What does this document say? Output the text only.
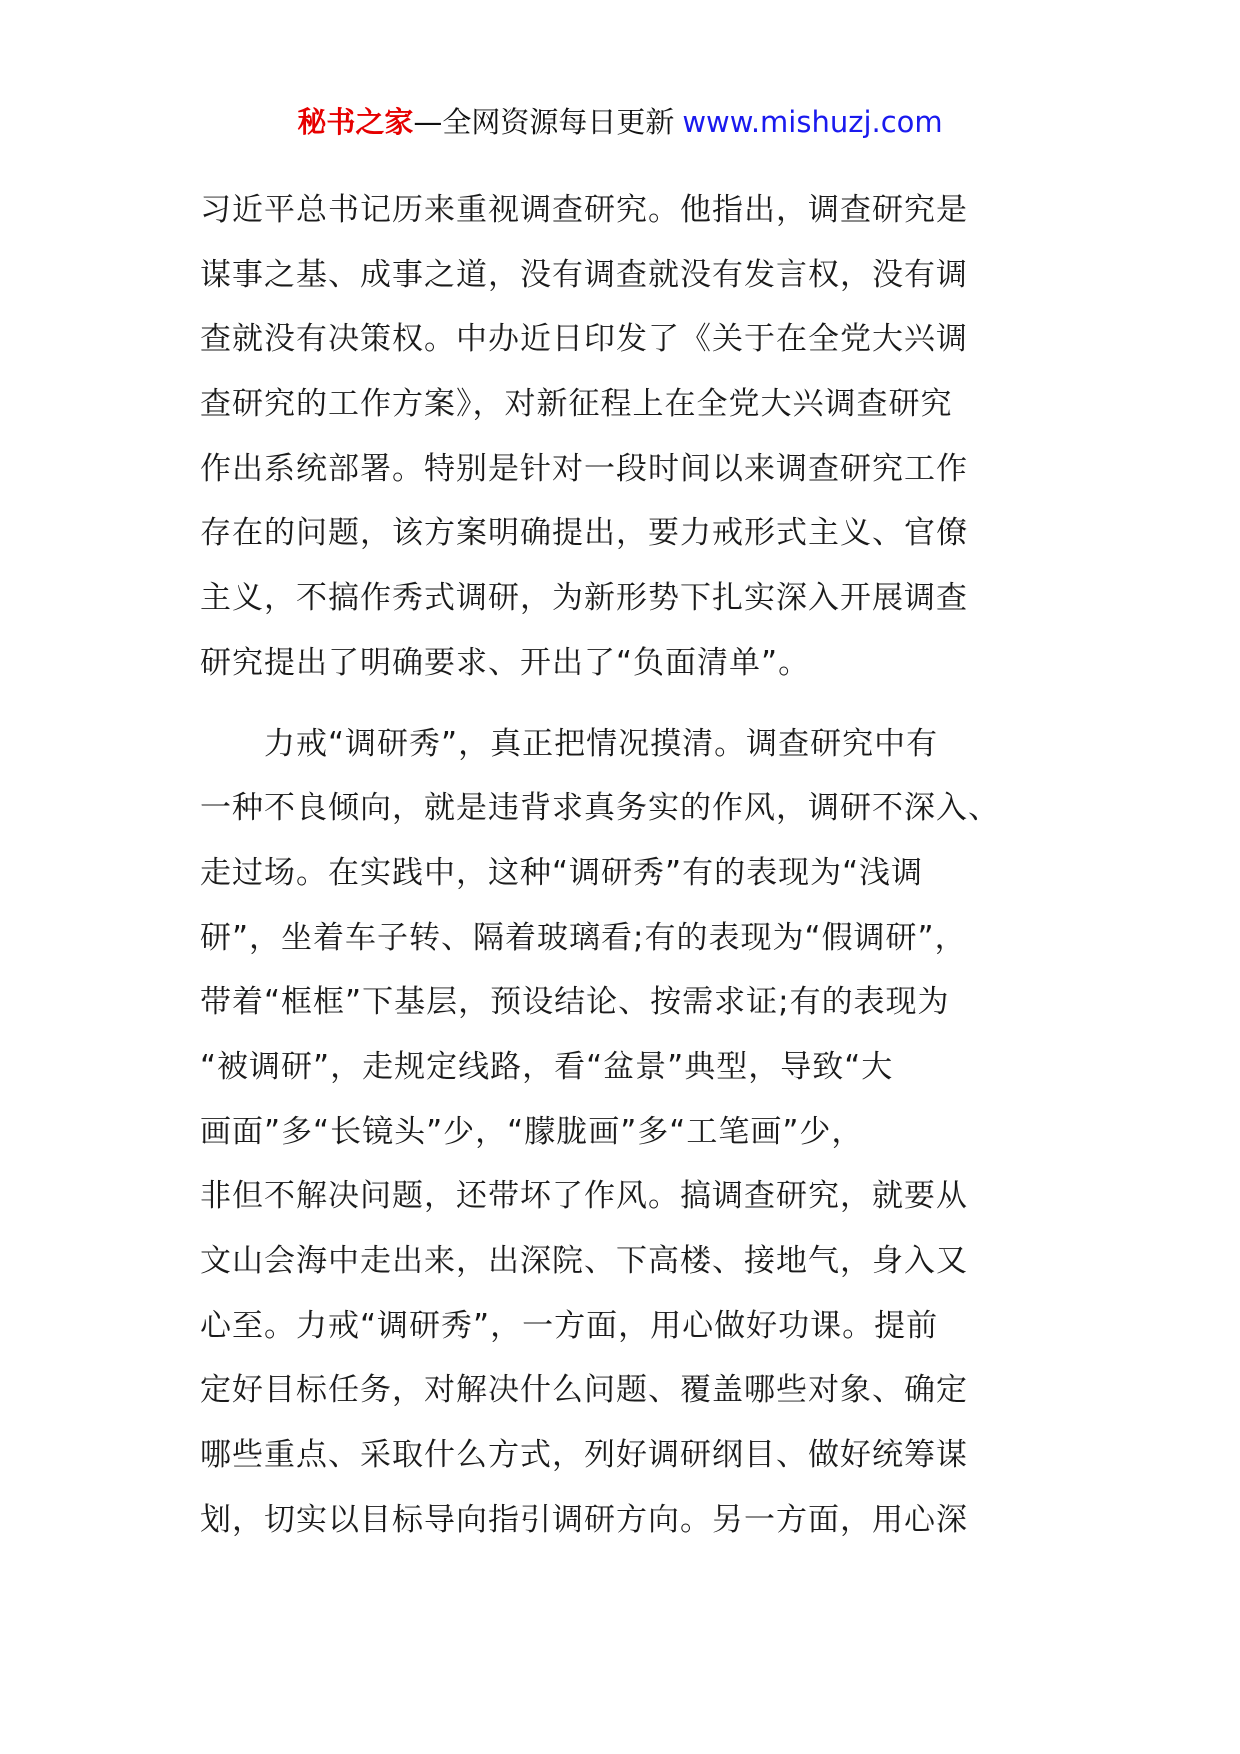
秘书之家—全网资源每日更新 www.mishuzj.com
习近平总书记历来重视调查研究。他指出，调查研究是
谋事之基、成事之道，没有调查就没有发言权，没有调
查就没有决策权。中办近日印发了《关于在全党大兴调
查研究的工作方案》，对新征程上在全党大兴调查研究
作出系统部署。特别是针对一段时间以来调查研究工作
存在的问题，该方案明确提出，要力戒形式主义、官僚
主义，不搞作秀式调研，为新形势下扎实深入开展调查
研究提出了明确要求、开出了“负面清单”。
　　力戒“调研秀”，真正把情况摸清。调查研究中有
一种不良倾向，就是违背求真务实的作风，调研不深入、
走过场。在实践中，这种“调研秀”有的表现为“浅调
研”，坐着车子转、隔着玻璃看;有的表现为“假调研”，
带着“框框”下基层，预设结论、按需求证;有的表现为
“被调研”，走规定线路，看“盆景”典型，导致“大
画面”多“长镜头”少，“朦胧画”多“工笔画”少，
非但不解决问题，还带坏了作风。搞调查研究，就要从
文山会海中走出来，出深院、下高楼、接地气，身入又
心至。力戒“调研秀”，一方面，用心做好功课。提前
定好目标任务，对解决什么问题、覆盖哪些对象、确定
哪些重点、采取什么方式，列好调研纲目、做好统筹谋
划，切实以目标导向指引调研方向。另一方面，用心深
